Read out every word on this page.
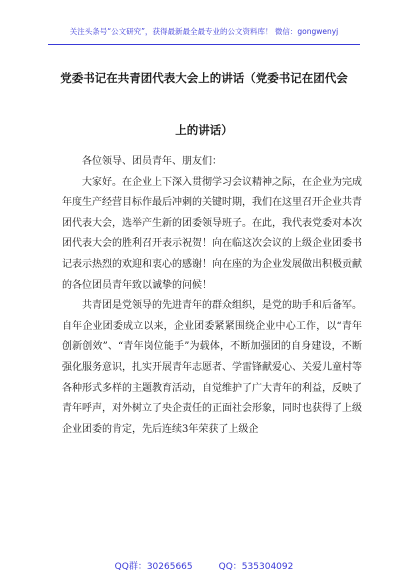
关注头条号“公文研究”，获得最新最全最专业的公文资料库！ 微信：gongwenyj
党委书记在共青团代表大会上的讲话（党委书记在团代会
上的讲话）

各位领导、团员青年、朋友们：

大家好。在企业上下深入贯彻学习会议精神之际，在企业为完成年度生产经营目标作最后冲刺的关键时期，我们在这里召开企业共青团代表大会，选举产生新的团委领导班子。在此，我代表党委对本次团代表大会的胜利召开表示祝贺！向在临这次会议的上级企业团委书记表示热烈的欢迎和衷心的感谢！向在座的为企业发展做出积极贡献的各位团员青年致以诚挚的问候！

共青团是党领导的先进青年的群众组织，是党的助手和后备军。自年企业团委成立以来，企业团委紧紧围绕企业中心工作，以“青年创新创效”、“青年岗位能手”为载体，不断加强团的自身建设，不断强化服务意识，扎实开展青年志愿者、学雷锋献爱心、关爱儿童村等各种形式多样的主题教育活动，自觉维护了广大青年的利益，反映了青年呼声，对外树立了央企责任的正面社会形象，同时也获得了上级企业团委的肯定，先后连续3年荣获了上级企

QQ群：30265665	QQ：535304092
